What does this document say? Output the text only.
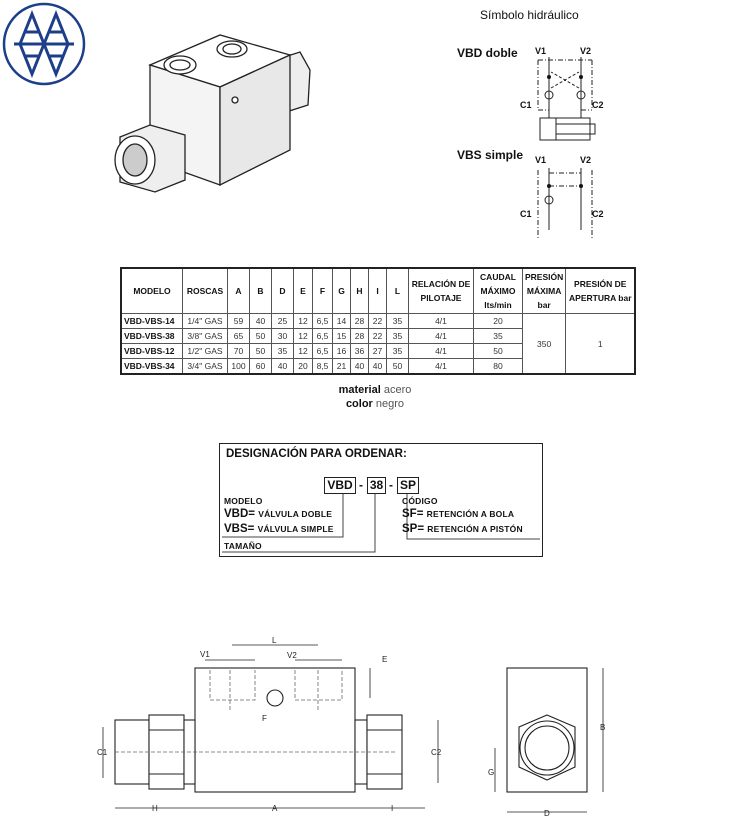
Símbolo hidráulico
VBD doble
VBS simple
V1	V2
C1	C2
V1	V2
C1	C2
MODELO	ROSCAS	A	B	D	E	F	G	H	I	L	RELACIÓN DE PILOTAJE	CAUDAL MÁXIMO lts/min	PRESIÓN MÁXIMA bar	PRESIÓN DE APERTURA bar
VBD-VBS-14	1/4" GAS	59	40	25	12	6,5	14	28	22	35	4/1	20	350	1
VBD-VBS-38	3/8" GAS	65	50	30	12	6,5	15	28	22	35	4/1	35		
VBD-VBS-12	1/2" GAS	70	50	35	12	6,5	16	36	27	35	4/1	50		
VBD-VBS-34	3/4" GAS	100	60	40	20	8,5	21	40	40	50	4/1	80		
material acero
color negro
DESIGNACIÓN PARA ORDENAR:
VBD - 38 - SP
MODELO
VBD= VÁLVULA DOBLE
VBS= VÁLVULA SIMPLE
TAMAÑO
CÓDIGO
SF= RETENCIÓN A BOLA
SP= RETENCIÓN A PISTÓN
L
V1	V2	E
F
C1	C2
H	A	I
B
G
D
